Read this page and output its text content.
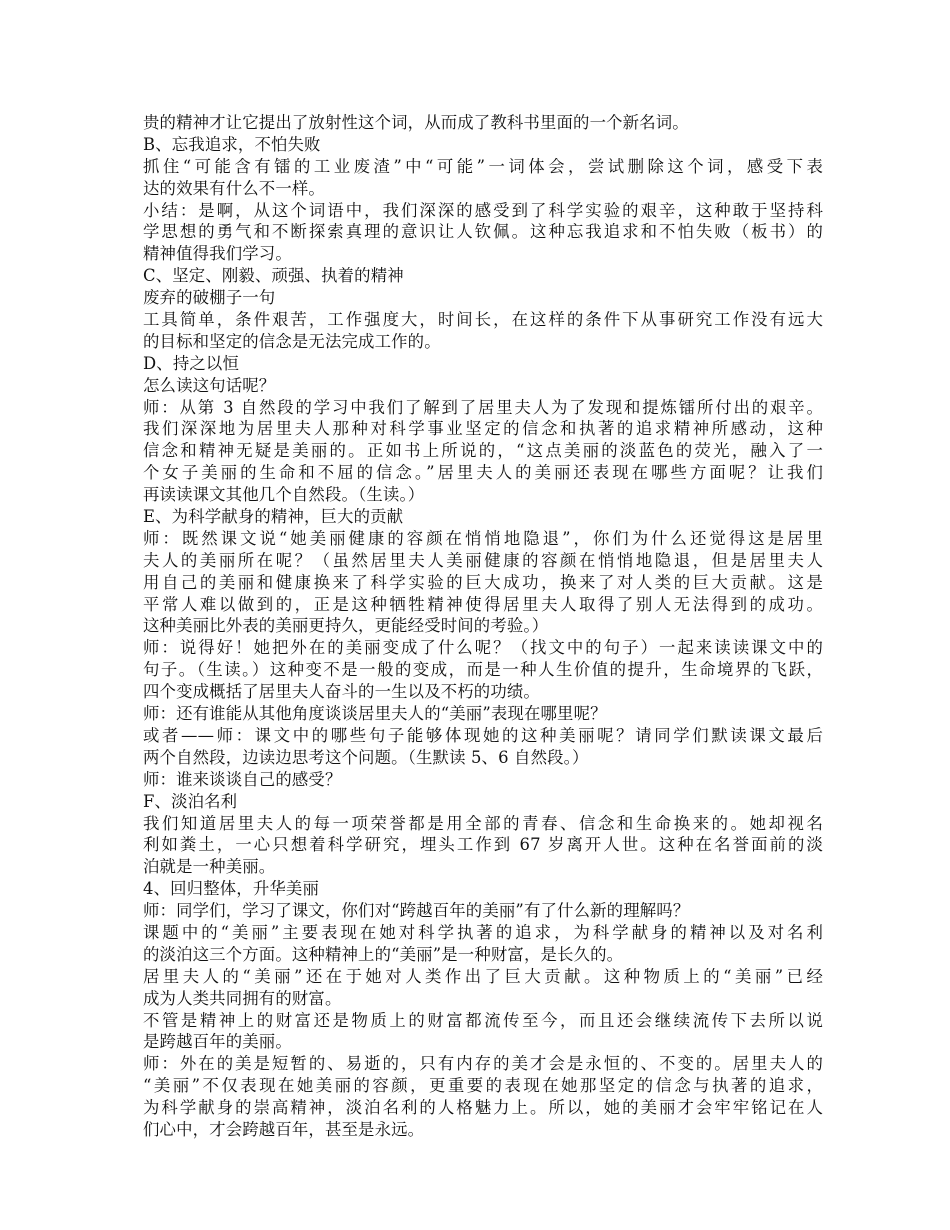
贵的精神才让它提出了放射性这个词，从而成了教科书里面的一个新名词。
B、忘我追求，不怕失败
抓住“可能含有镭的工业废渣”中“可能”一词体会，尝试删除这个词，感受下表
达的效果有什么不一样。
小结：是啊，从这个词语中，我们深深的感受到了科学实验的艰辛，这种敢于坚持科
学思想的勇气和不断探索真理的意识让人钦佩。这种忘我追求和不怕失败（板书）的
精神值得我们学习。
C、坚定、刚毅、顽强、执着的精神
废弃的破棚子一句
工具简单，条件艰苦，工作强度大，时间长，在这样的条件下从事研究工作没有远大
的目标和坚定的信念是无法完成工作的。
D、持之以恒
怎么读这句话呢？
师：从第 3 自然段的学习中我们了解到了居里夫人为了发现和提炼镭所付出的艰辛。
我们深深地为居里夫人那种对科学事业坚定的信念和执著的追求精神所感动，这种
信念和精神无疑是美丽的。正如书上所说的，“这点美丽的淡蓝色的荧光，融入了一
个女子美丽的生命和不屈的信念。”居里夫人的美丽还表现在哪些方面呢？让我们
再读读课文其他几个自然段。（生读。）
E、为科学献身的精神，巨大的贡献
师：既然课文说“她美丽健康的容颜在悄悄地隐退”，你们为什么还觉得这是居里
夫人的美丽所在呢？（虽然居里夫人美丽健康的容颜在悄悄地隐退，但是居里夫人
用自己的美丽和健康换来了科学实验的巨大成功，换来了对人类的巨大贡献。这是
平常人难以做到的，正是这种牺牲精神使得居里夫人取得了别人无法得到的成功。
这种美丽比外表的美丽更持久，更能经受时间的考验。）
师：说得好！她把外在的美丽变成了什么呢？（找文中的句子）一起来读读课文中的
句子。（生读。）这种变不是一般的变成，而是一种人生价值的提升，生命境界的飞跃，
四个变成概括了居里夫人奋斗的一生以及不朽的功绩。
师：还有谁能从其他角度谈谈居里夫人的“美丽”表现在哪里呢？
或者——师：课文中的哪些句子能够体现她的这种美丽呢？请同学们默读课文最后
两个自然段，边读边思考这个问题。（生默读 5、6 自然段。）
师：谁来谈谈自己的感受？
F、淡泊名利
我们知道居里夫人的每一项荣誉都是用全部的青春、信念和生命换来的。她却视名
利如粪土，一心只想着科学研究，埋头工作到 67 岁离开人世。这种在名誉面前的淡
泊就是一种美丽。
4、回归整体，升华美丽
师：同学们，学习了课文，你们对“跨越百年的美丽”有了什么新的理解吗？
课题中的“美丽”主要表现在她对科学执著的追求，为科学献身的精神以及对名利
的淡泊这三个方面。这种精神上的“美丽”是一种财富，是长久的。
居里夫人的“美丽”还在于她对人类作出了巨大贡献。这种物质上的“美丽”已经
成为人类共同拥有的财富。
不管是精神上的财富还是物质上的财富都流传至今，而且还会继续流传下去所以说
是跨越百年的美丽。
师：外在的美是短暂的、易逝的，只有内存的美才会是永恒的、不变的。居里夫人的
“美丽”不仅表现在她美丽的容颜，更重要的表现在她那坚定的信念与执著的追求，
为科学献身的崇高精神，淡泊名利的人格魅力上。所以，她的美丽才会牢牢铭记在人
们心中，才会跨越百年，甚至是永远。
